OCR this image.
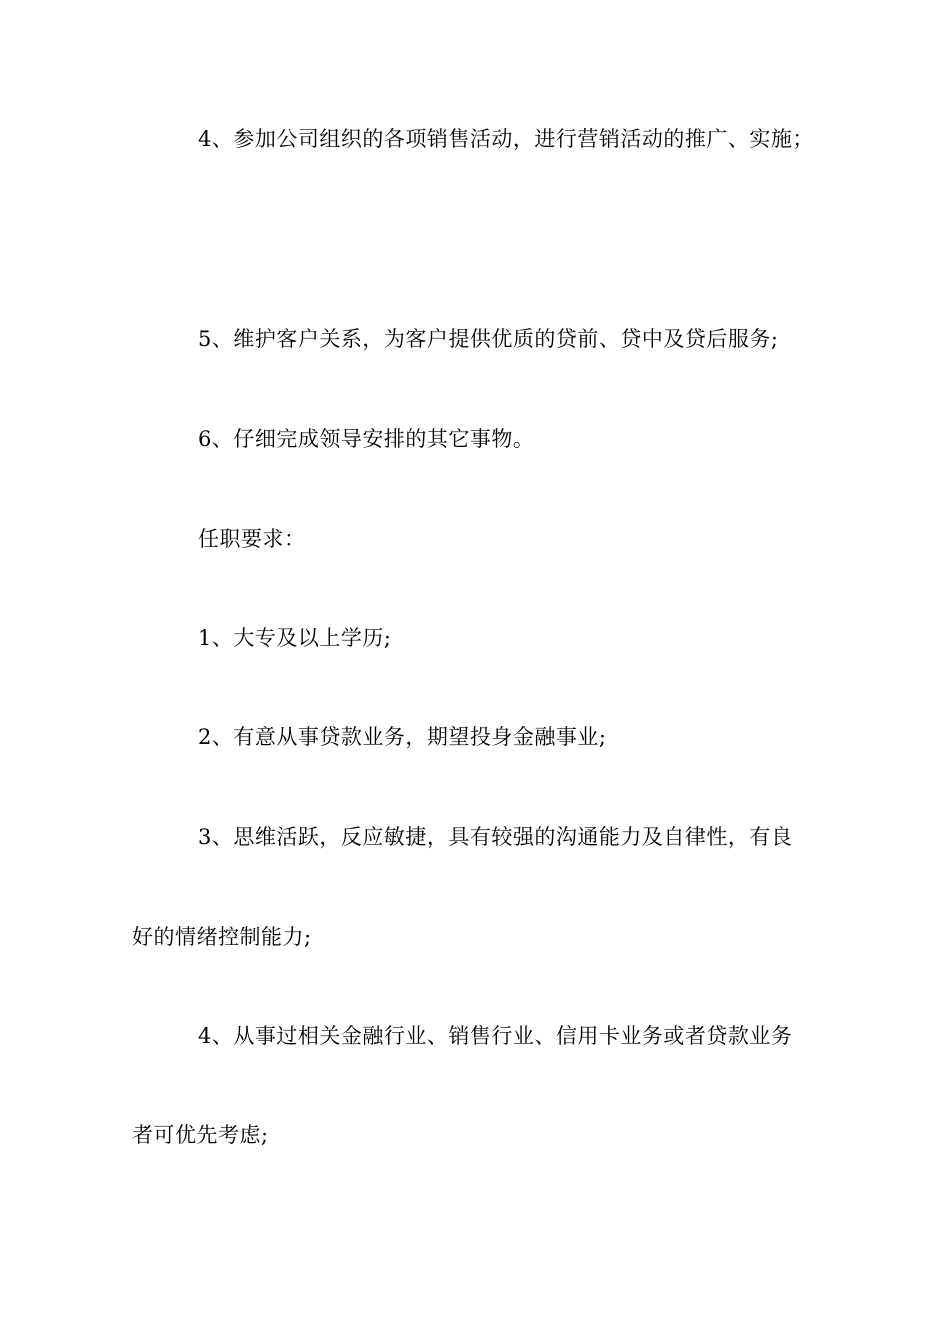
4、参加公司组织的各项销售活动，进行营销活动的推广、实施；
5、维护客户关系，为客户提供优质的贷前、贷中及贷后服务;
6、仔细完成领导安排的其它事物。
任职要求：
1、大专及以上学历;
2、有意从事贷款业务，期望投身金融事业;
3、思维活跃，反应敏捷，具有较强的沟通能力及自律性，有良
好的情绪控制能力;
4、从事过相关金融行业、销售行业、信用卡业务或者贷款业务
者可优先考虑;
